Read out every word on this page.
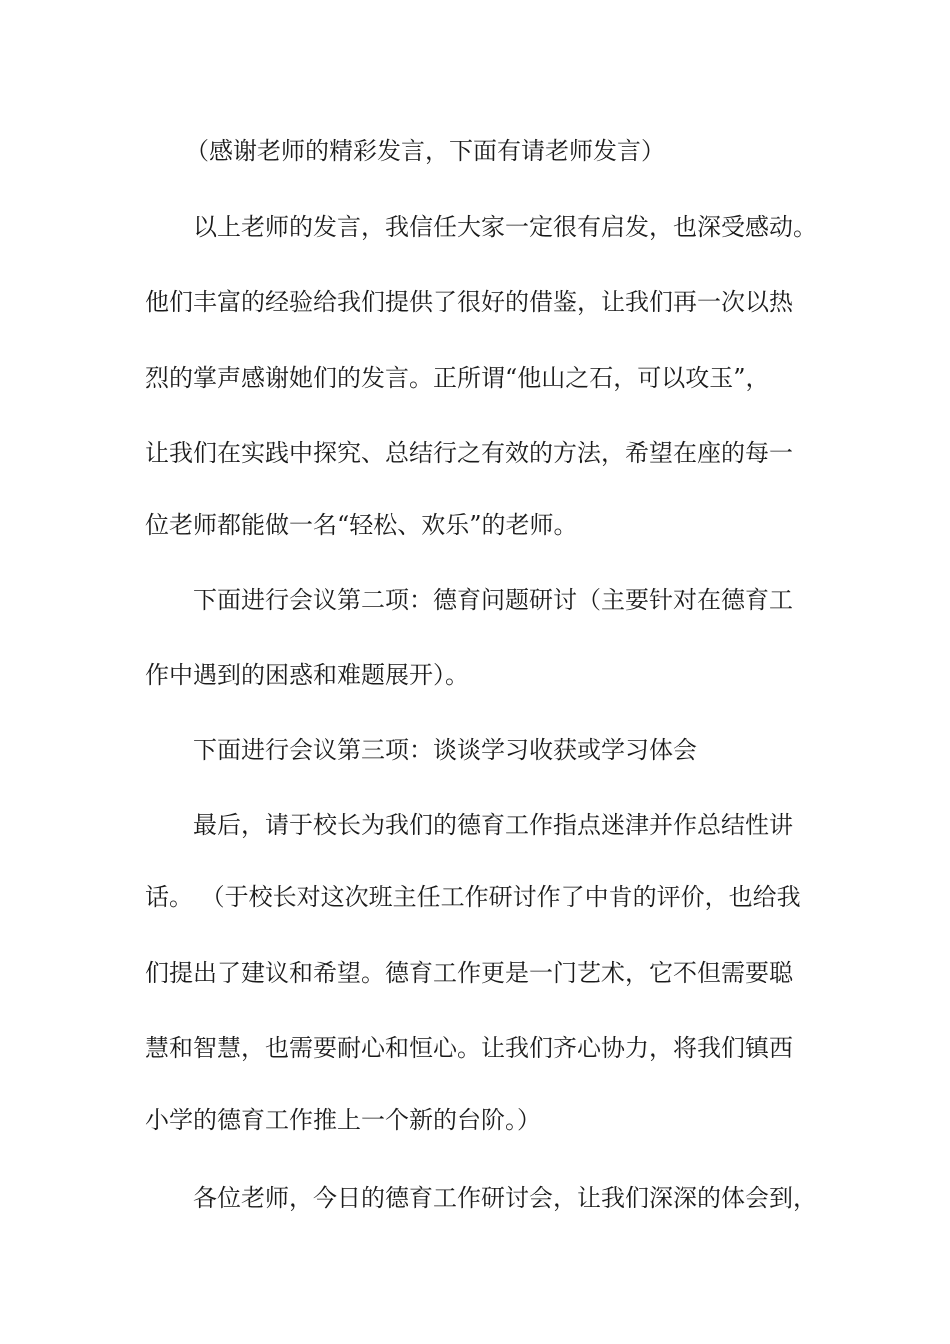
（感谢老师的精彩发言，下面有请老师发言）
以上老师的发言，我信任大家一定很有启发，也深受感动。
他们丰富的经验给我们提供了很好的借鉴，让我们再一次以热
烈的掌声感谢她们的发言。正所谓“他山之石，可以攻玉”，
让我们在实践中探究、总结行之有效的方法，希望在座的每一
位老师都能做一名“轻松、欢乐”的老师。
下面进行会议第二项：德育问题研讨（主要针对在德育工
作中遇到的困惑和难题展开）。
下面进行会议第三项：谈谈学习收获或学习体会
最后，请于校长为我们的德育工作指点迷津并作总结性讲
话。 （于校长对这次班主任工作研讨作了中肯的评价，也给我
们提出了建议和希望。德育工作更是一门艺术，它不但需要聪
慧和智慧，也需要耐心和恒心。让我们齐心协力，将我们镇西
小学的德育工作推上一个新的台阶。）
各位老师，今日的德育工作研讨会，让我们深深的体会到，
